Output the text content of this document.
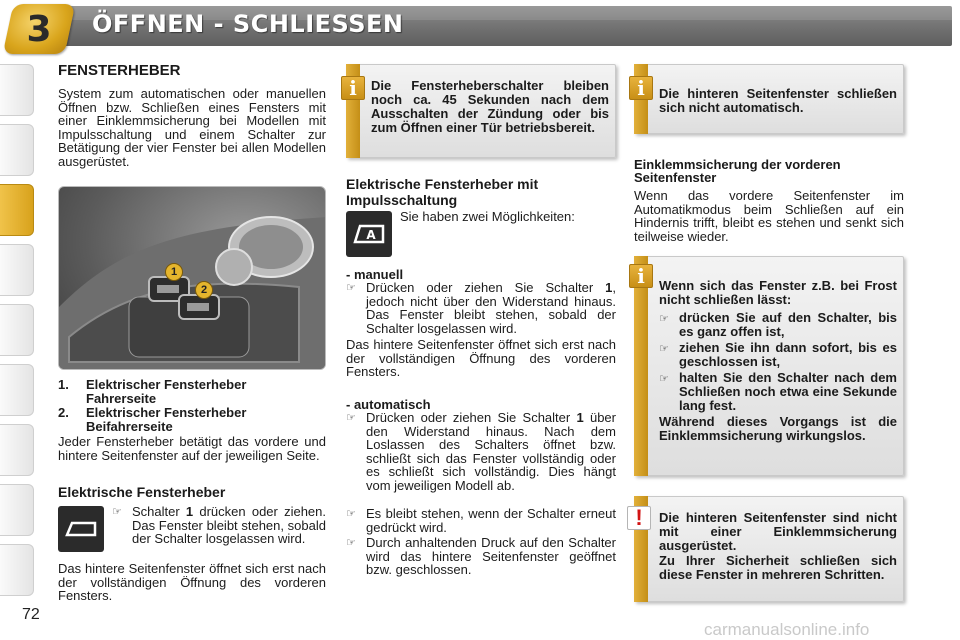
3	ÖFFNEN - SCHLIESSEN
FENSTERHEBER
System zum automatischen oder manuellen Öffnen bzw. Schließen eines Fensters mit einer Einklemmsicherung bei Modellen mit Impulsschaltung und einem Schalter zur Betätigung der vier Fenster bei allen Modellen ausgerüstet.
1
2
1.	Elektrischer Fensterheber Fahrerseite
2.	Elektrischer Fensterheber Beifahrerseite
Jeder Fensterheber betätigt das vordere und hintere Seitenfenster auf der jeweiligen Seite.
Elektrische Fensterheber
☞ Schalter 1 drücken oder ziehen. Das Fenster bleibt stehen, sobald der Schalter losgelassen wird.
Das hintere Seitenfenster öffnet sich erst nach der vollständigen Öffnung des vorderen Fensters.
Die Fensterheberschalter bleiben noch ca. 45 Sekunden nach dem Ausschalten der Zündung oder bis zum Öffnen einer Tür betriebsbereit.
i
Elektrische Fensterheber mit Impulsschaltung
A
Sie haben zwei Möglichkeiten:
- manuell
☞ Drücken oder ziehen Sie Schalter 1, jedoch nicht über den Widerstand hinaus. Das Fenster bleibt stehen, sobald der Schalter losgelassen wird.
Das hintere Seitenfenster öffnet sich erst nach der vollständigen Öffnung des vorderen Fensters.
- automatisch
☞ Drücken oder ziehen Sie Schalter 1 über den Widerstand hinaus. Nach dem Loslassen des Schalters öffnet bzw. schließt sich das Fenster vollständig oder es schließt sich vollständig. Dies hängt vom jeweiligen Modell ab.
☞ Es bleibt stehen, wenn der Schalter erneut gedrückt wird.
☞ Durch anhaltenden Druck auf den Schalter wird das hintere Seitenfenster geöffnet bzw. geschlossen.
Die hinteren Seitenfenster schließen sich nicht automatisch.
i
Einklemmsicherung der vorderen Seitenfenster
Wenn das vordere Seitenfenster im Automatikmodus beim Schließen auf ein Hindernis trifft, bleibt es stehen und senkt sich teilweise wieder.
Wenn sich das Fenster z.B. bei Frost nicht schließen lässt:
☞ drücken Sie auf den Schalter, bis es ganz offen ist,
☞ ziehen Sie ihn dann sofort, bis es geschlossen ist,
☞ halten Sie den Schalter nach dem Schließen noch etwa eine Sekunde lang fest.
Während dieses Vorgangs ist die Einklemmsicherung wirkungslos.
i
Die hinteren Seitenfenster sind nicht mit einer Einklemmsicherung ausgerüstet.
Zu Ihrer Sicherheit schließen sich diese Fenster in mehreren Schritten.
!
72
carmanualsonline.info
